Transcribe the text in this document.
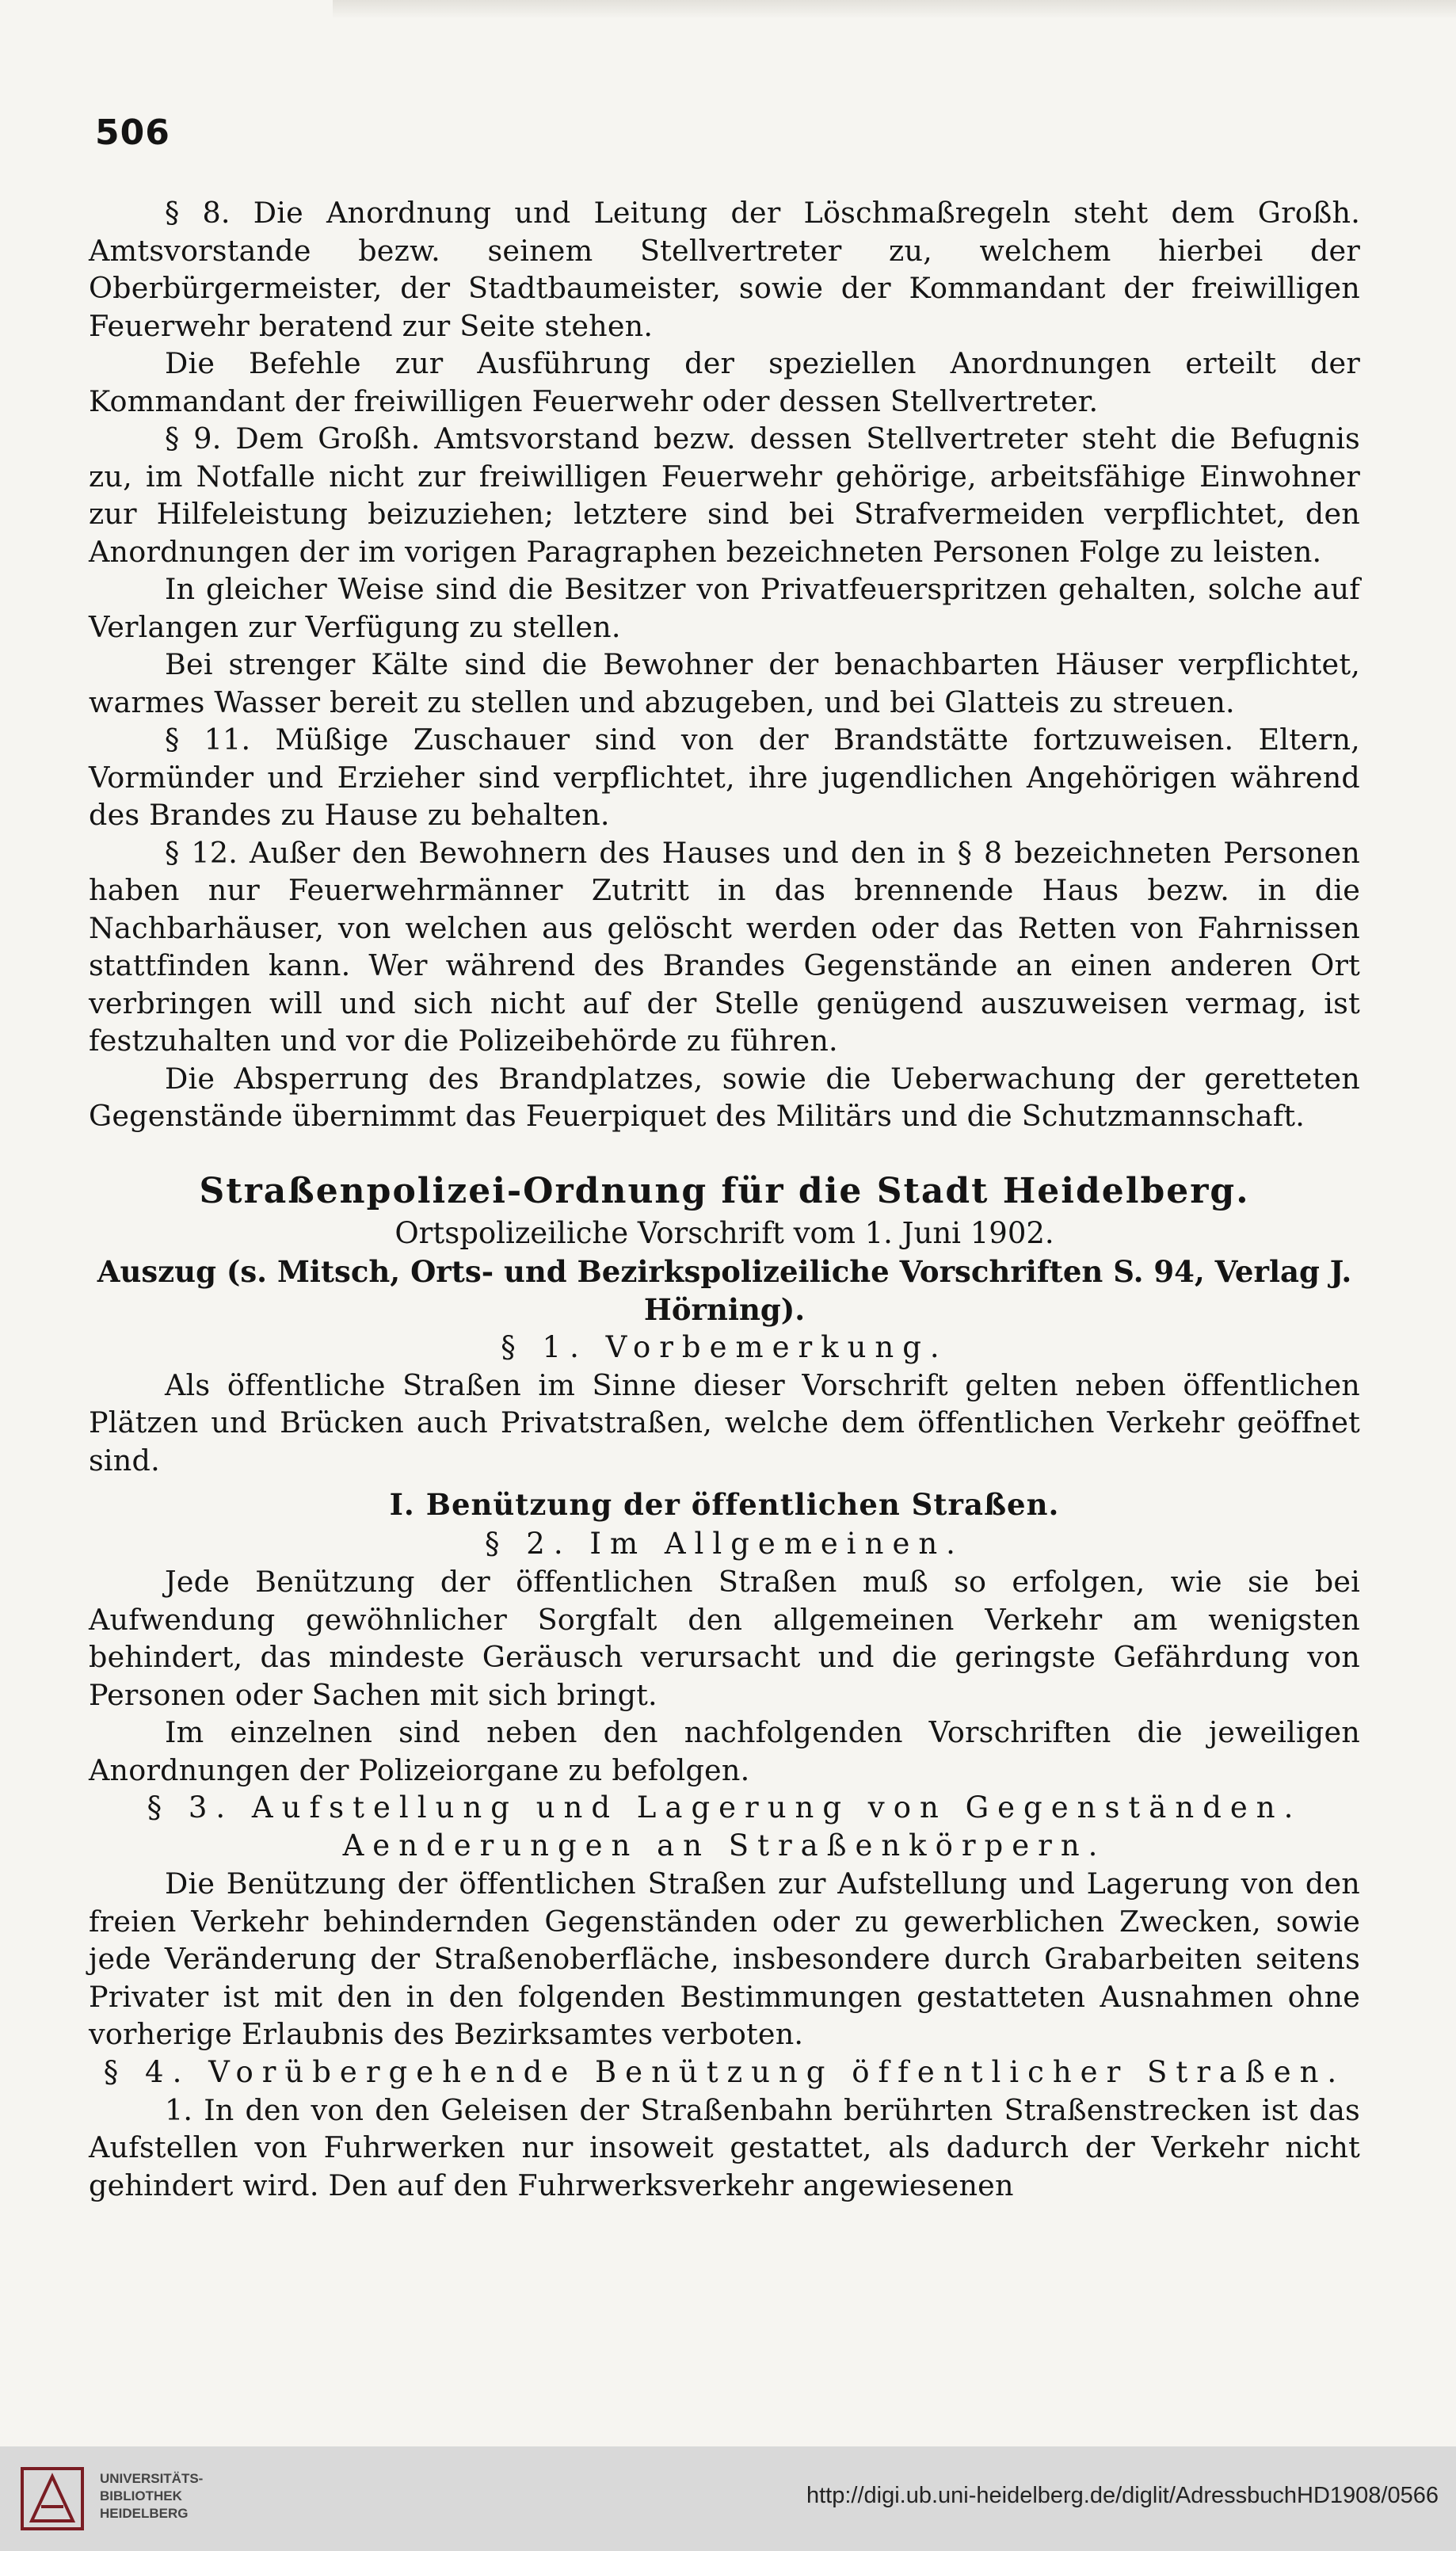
506

§ 8. Die Anordnung und Leitung der Löschmaßregeln steht dem Großh. Amtsvorstande bezw. seinem Stellvertreter zu, welchem hierbei der Oberbürgermeister, der Stadtbaumeister, sowie der Kommandant der freiwilligen Feuerwehr beratend zur Seite stehen.

Die Befehle zur Ausführung der speziellen Anordnungen erteilt der Kommandant der freiwilligen Feuerwehr oder dessen Stellvertreter.

§ 9. Dem Großh. Amtsvorstand bezw. dessen Stellvertreter steht die Befugnis zu, im Notfalle nicht zur freiwilligen Feuerwehr gehörige, arbeitsfähige Einwohner zur Hilfeleistung beizuziehen; letztere sind bei Strafvermeiden verpflichtet, den Anordnungen der im vorigen Paragraphen bezeichneten Personen Folge zu leisten.

In gleicher Weise sind die Besitzer von Privatfeuerspritzen gehalten, solche auf Verlangen zur Verfügung zu stellen.

Bei strenger Kälte sind die Bewohner der benachbarten Häuser verpflichtet, warmes Wasser bereit zu stellen und abzugeben, und bei Glatteis zu streuen.

§ 11. Müßige Zuschauer sind von der Brandstätte fortzuweisen. Eltern, Vormünder und Erzieher sind verpflichtet, ihre jugendlichen Angehörigen während des Brandes zu Hause zu behalten.

§ 12. Außer den Bewohnern des Hauses und den in § 8 bezeichneten Personen haben nur Feuerwehrmänner Zutritt in das brennende Haus bezw. in die Nachbarhäuser, von welchen aus gelöscht werden oder das Retten von Fahrnissen stattfinden kann. Wer während des Brandes Gegenstände an einen anderen Ort verbringen will und sich nicht auf der Stelle genügend auszuweisen vermag, ist festzuhalten und vor die Polizeibehörde zu führen.

Die Absperrung des Brandplatzes, sowie die Ueberwachung der geretteten Gegenstände übernimmt das Feuerpiquet des Militärs und die Schutzmannschaft.

Straßenpolizei-Ordnung für die Stadt Heidelberg.

Ortspolizeiliche Vorschrift vom 1. Juni 1902.

Auszug (s. Mitsch, Orts- und Bezirkspolizeiliche Vorschriften S. 94, Verlag J. Hörning).

§ 1. Vorbemerkung.

Als öffentliche Straßen im Sinne dieser Vorschrift gelten neben öffentlichen Plätzen und Brücken auch Privatstraßen, welche dem öffentlichen Verkehr geöffnet sind.

I. Benützung der öffentlichen Straßen.

§ 2. Im Allgemeinen.

Jede Benützung der öffentlichen Straßen muß so erfolgen, wie sie bei Aufwendung gewöhnlicher Sorgfalt den allgemeinen Verkehr am wenigsten behindert, das mindeste Geräusch verursacht und die geringste Gefährdung von Personen oder Sachen mit sich bringt.

Im einzelnen sind neben den nachfolgenden Vorschriften die jeweiligen Anordnungen der Polizeiorgane zu befolgen.

§ 3. Aufstellung und Lagerung von Gegenständen.

Aenderungen an Straßenkörpern.

Die Benützung der öffentlichen Straßen zur Aufstellung und Lagerung von den freien Verkehr behindernden Gegenständen oder zu gewerblichen Zwecken, sowie jede Veränderung der Straßenoberfläche, insbesondere durch Grabarbeiten seitens Privater ist mit den in den folgenden Bestimmungen gestatteten Ausnahmen ohne vorherige Erlaubnis des Bezirksamtes verboten.

§ 4. Vorübergehende Benützung öffentlicher Straßen.

1. In den von den Geleisen der Straßenbahn berührten Straßenstrecken ist das Aufstellen von Fuhrwerken nur insoweit gestattet, als dadurch der Verkehr nicht gehindert wird. Den auf den Fuhrwerksverkehr angewiesenen

UNIVERSITÄTS-
BIBLIOTHEK
HEIDELBERG
http://digi.ub.uni-heidelberg.de/diglit/AdressbuchHD1908/0566
